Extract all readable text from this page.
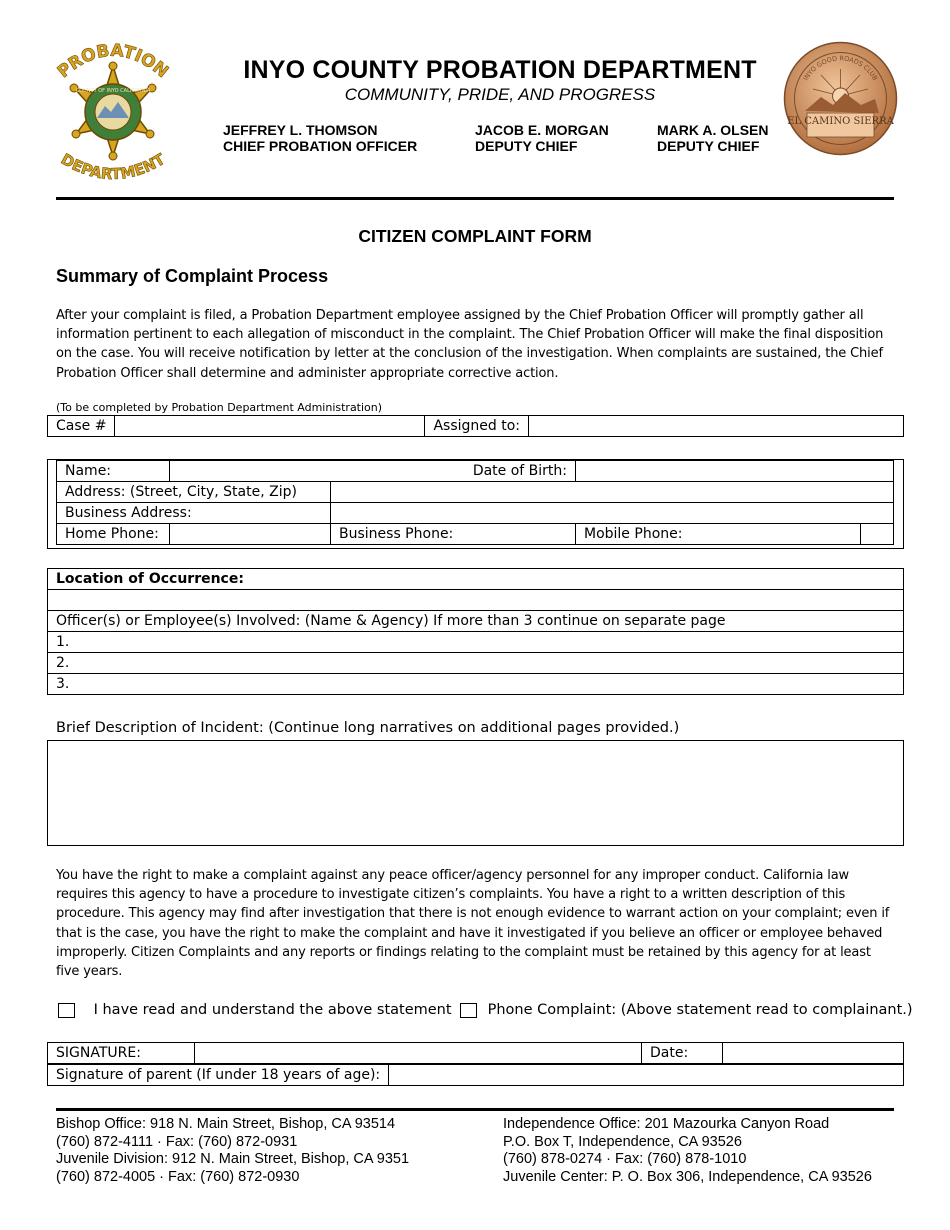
PROBATION
COUNTY OF INYO CALIFORNIA
DEPARTMENT
INYO COUNTY PROBATION DEPARTMENT
COMMUNITY, PRIDE, AND PROGRESS
JEFFREY L. THOMSON
CHIEF PROBATION OFFICER
JACOB E. MORGAN
DEPUTY CHIEF
MARK A. OLSEN
DEPUTY CHIEF
INYO GOOD ROADS CLUB
EL CAMINO SIERRA
CITIZEN COMPLAINT FORM
Summary of Complaint Process
After your complaint is filed, a Probation Department employee assigned by the Chief Probation Officer will promptly gather all information pertinent to each allegation of misconduct in the complaint. The Chief Probation Officer will make the final disposition on the case. You will receive notification by letter at the conclusion of the investigation. When complaints are sustained, the Chief Probation Officer shall determine and administer appropriate corrective action.
(To be completed by Probation Department Administration)
Case #		Assigned to:	
Name:	Date of Birth:			
Address: (Street, City, State, Zip)				
Business Address:				
Home Phone:		Business Phone:	Mobile Phone:	
Location of Occurrence:

Officer(s) or Employee(s) Involved: (Name & Agency) If more than 3 continue on separate page
1.
2.
3.
Brief Description of Incident: (Continue long narratives on additional pages provided.)
You have the right to make a complaint against any peace officer/agency personnel for any improper conduct. California law requires this agency to have a procedure to investigate citizen’s complaints. You have a right to a written description of this procedure. This agency may find after investigation that there is not enough evidence to warrant action on your complaint; even if that is the case, you have the right to make the complaint and have it investigated if you believe an officer or employee behaved improperly. Citizen Complaints and any reports or findings relating to the complaint must be retained by this agency for at least five years.
I have read and understand the above statement	Phone Complaint: (Above statement read to complainant.)
SIGNATURE:		Date:	
Signature of parent (If under 18 years of age):	
Bishop Office: 918 N. Main Street, Bishop, CA 93514
(760) 872-4111 · Fax: (760) 872-0931
Juvenile Division: 912 N. Main Street, Bishop, CA 9351
(760) 872-4005 · Fax: (760) 872-0930
Independence Office: 201 Mazourka Canyon Road
P.O. Box T, Independence, CA 93526
(760) 878-0274 · Fax: (760) 878-1010
Juvenile Center: P. O. Box 306, Independence, CA 93526
